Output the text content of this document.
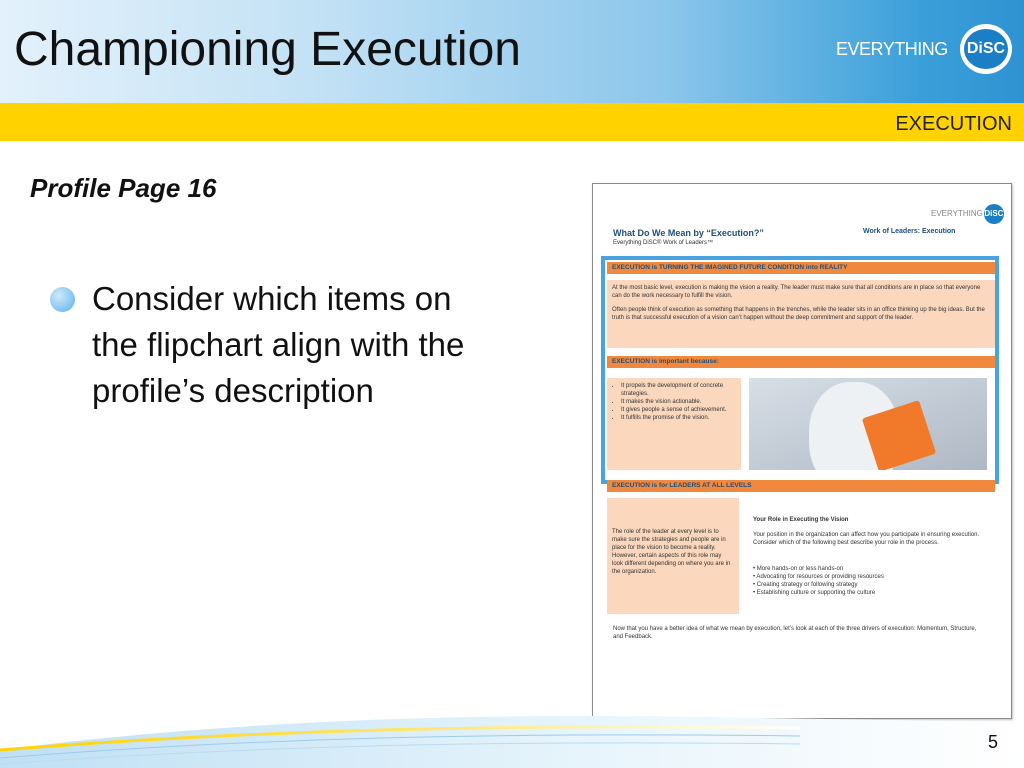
Championing Execution	EVERYTHING DiSC
EXECUTION
Profile Page 16
Consider which items on the flipchart align with the profile’s description
EVERYTHINGDiSC
What Do We Mean by “Execution?”
Everything DiSC® Work of Leaders™
Work of Leaders: Execution
EXECUTION is TURNING THE IMAGINED FUTURE CONDITION into REALITY
At the most basic level, execution is making the vision a reality. The leader must make sure that all conditions are in place so that everyone can do the work necessary to fulfill the vision.
Often people think of execution as something that happens in the trenches, while the leader sits in an office thinking up the big ideas. But the truth is that successful execution of a vision can’t happen without the deep commitment and support of the leader.
EXECUTION is important because:
• It propels the development of concrete strategies.
• It makes the vision actionable.
• It gives people a sense of achievement.
• It fulfills the promise of the vision.
EXECUTION is for LEADERS AT ALL LEVELS
The role of the leader at every level is to make sure the strategies and people are in place for the vision to become a reality. However, certain aspects of this role may look different depending on where you are in the organization.
Your Role in Executing the Vision
Your position in the organization can affect how you participate in ensuring execution. Consider which of the following best describe your role in the process.
• More hands-on or less hands-on
• Advocating for resources or providing resources
• Creating strategy or following strategy
• Establishing culture or supporting the culture
Now that you have a better idea of what we mean by execution, let’s look at each of the three drivers of execution: Momentum, Structure, and Feedback.
5
